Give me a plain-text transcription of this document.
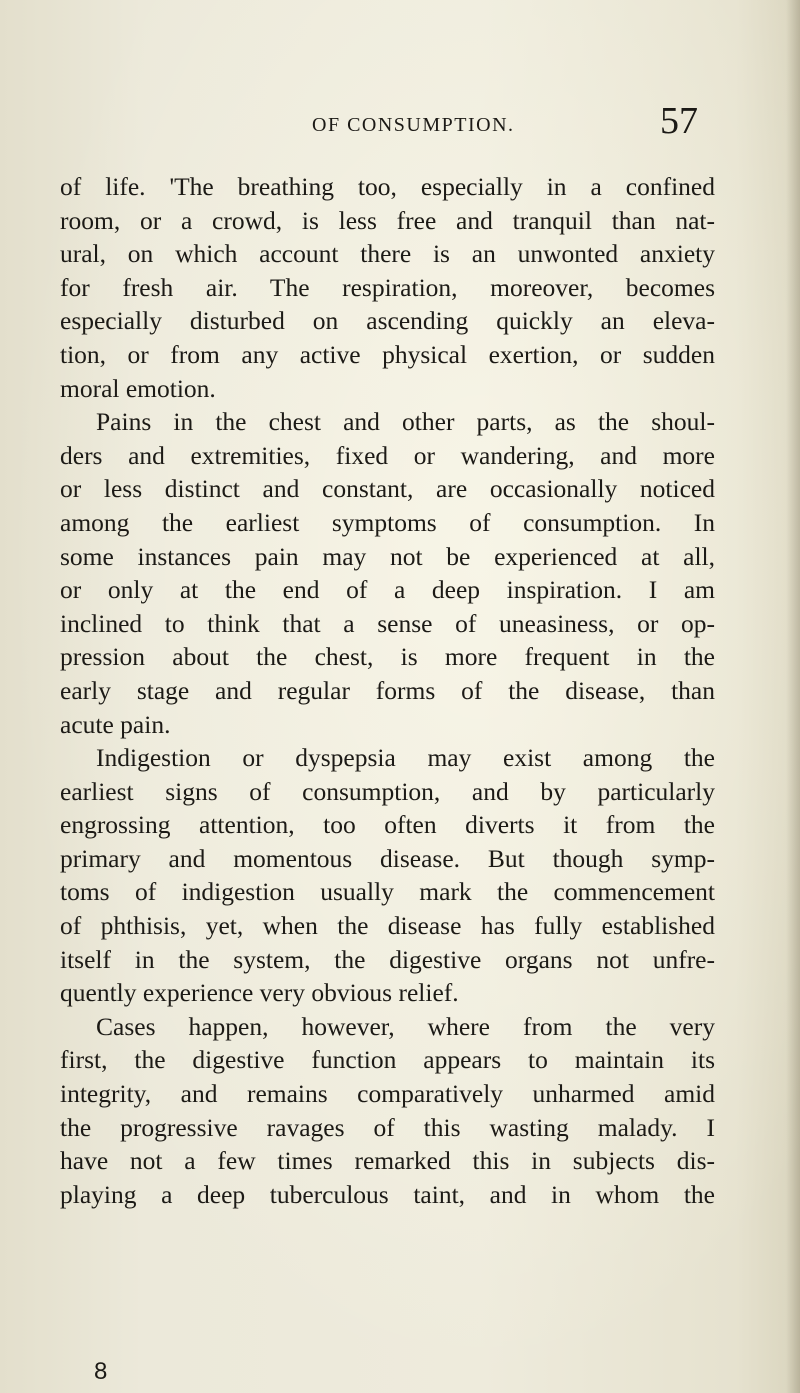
OF CONSUMPTION.	57
of life. 'The breathing too, especially in a confined
room, or a crowd, is less free and tranquil than nat-
ural, on which account there is an unwonted anxiety
for fresh air. The respiration, moreover, becomes
especially disturbed on ascending quickly an eleva-
tion, or from any active physical exertion, or sudden
moral emotion.
Pains in the chest and other parts, as the shoul-
ders and extremities, fixed or wandering, and more
or less distinct and constant, are occasionally noticed
among the earliest symptoms of consumption. In
some instances pain may not be experienced at all,
or only at the end of a deep inspiration. I am
inclined to think that a sense of uneasiness, or op-
pression about the chest, is more frequent in the
early stage and regular forms of the disease, than
acute pain.
Indigestion or dyspepsia may exist among the
earliest signs of consumption, and by particularly
engrossing attention, too often diverts it from the
primary and momentous disease. But though symp-
toms of indigestion usually mark the commencement
of phthisis, yet, when the disease has fully established
itself in the system, the digestive organs not unfre-
quently experience very obvious relief.
Cases happen, however, where from the very
first, the digestive function appears to maintain its
integrity, and remains comparatively unharmed amid
the progressive ravages of this wasting malady. I
have not a few times remarked this in subjects dis-
playing a deep tuberculous taint, and in whom the
8
